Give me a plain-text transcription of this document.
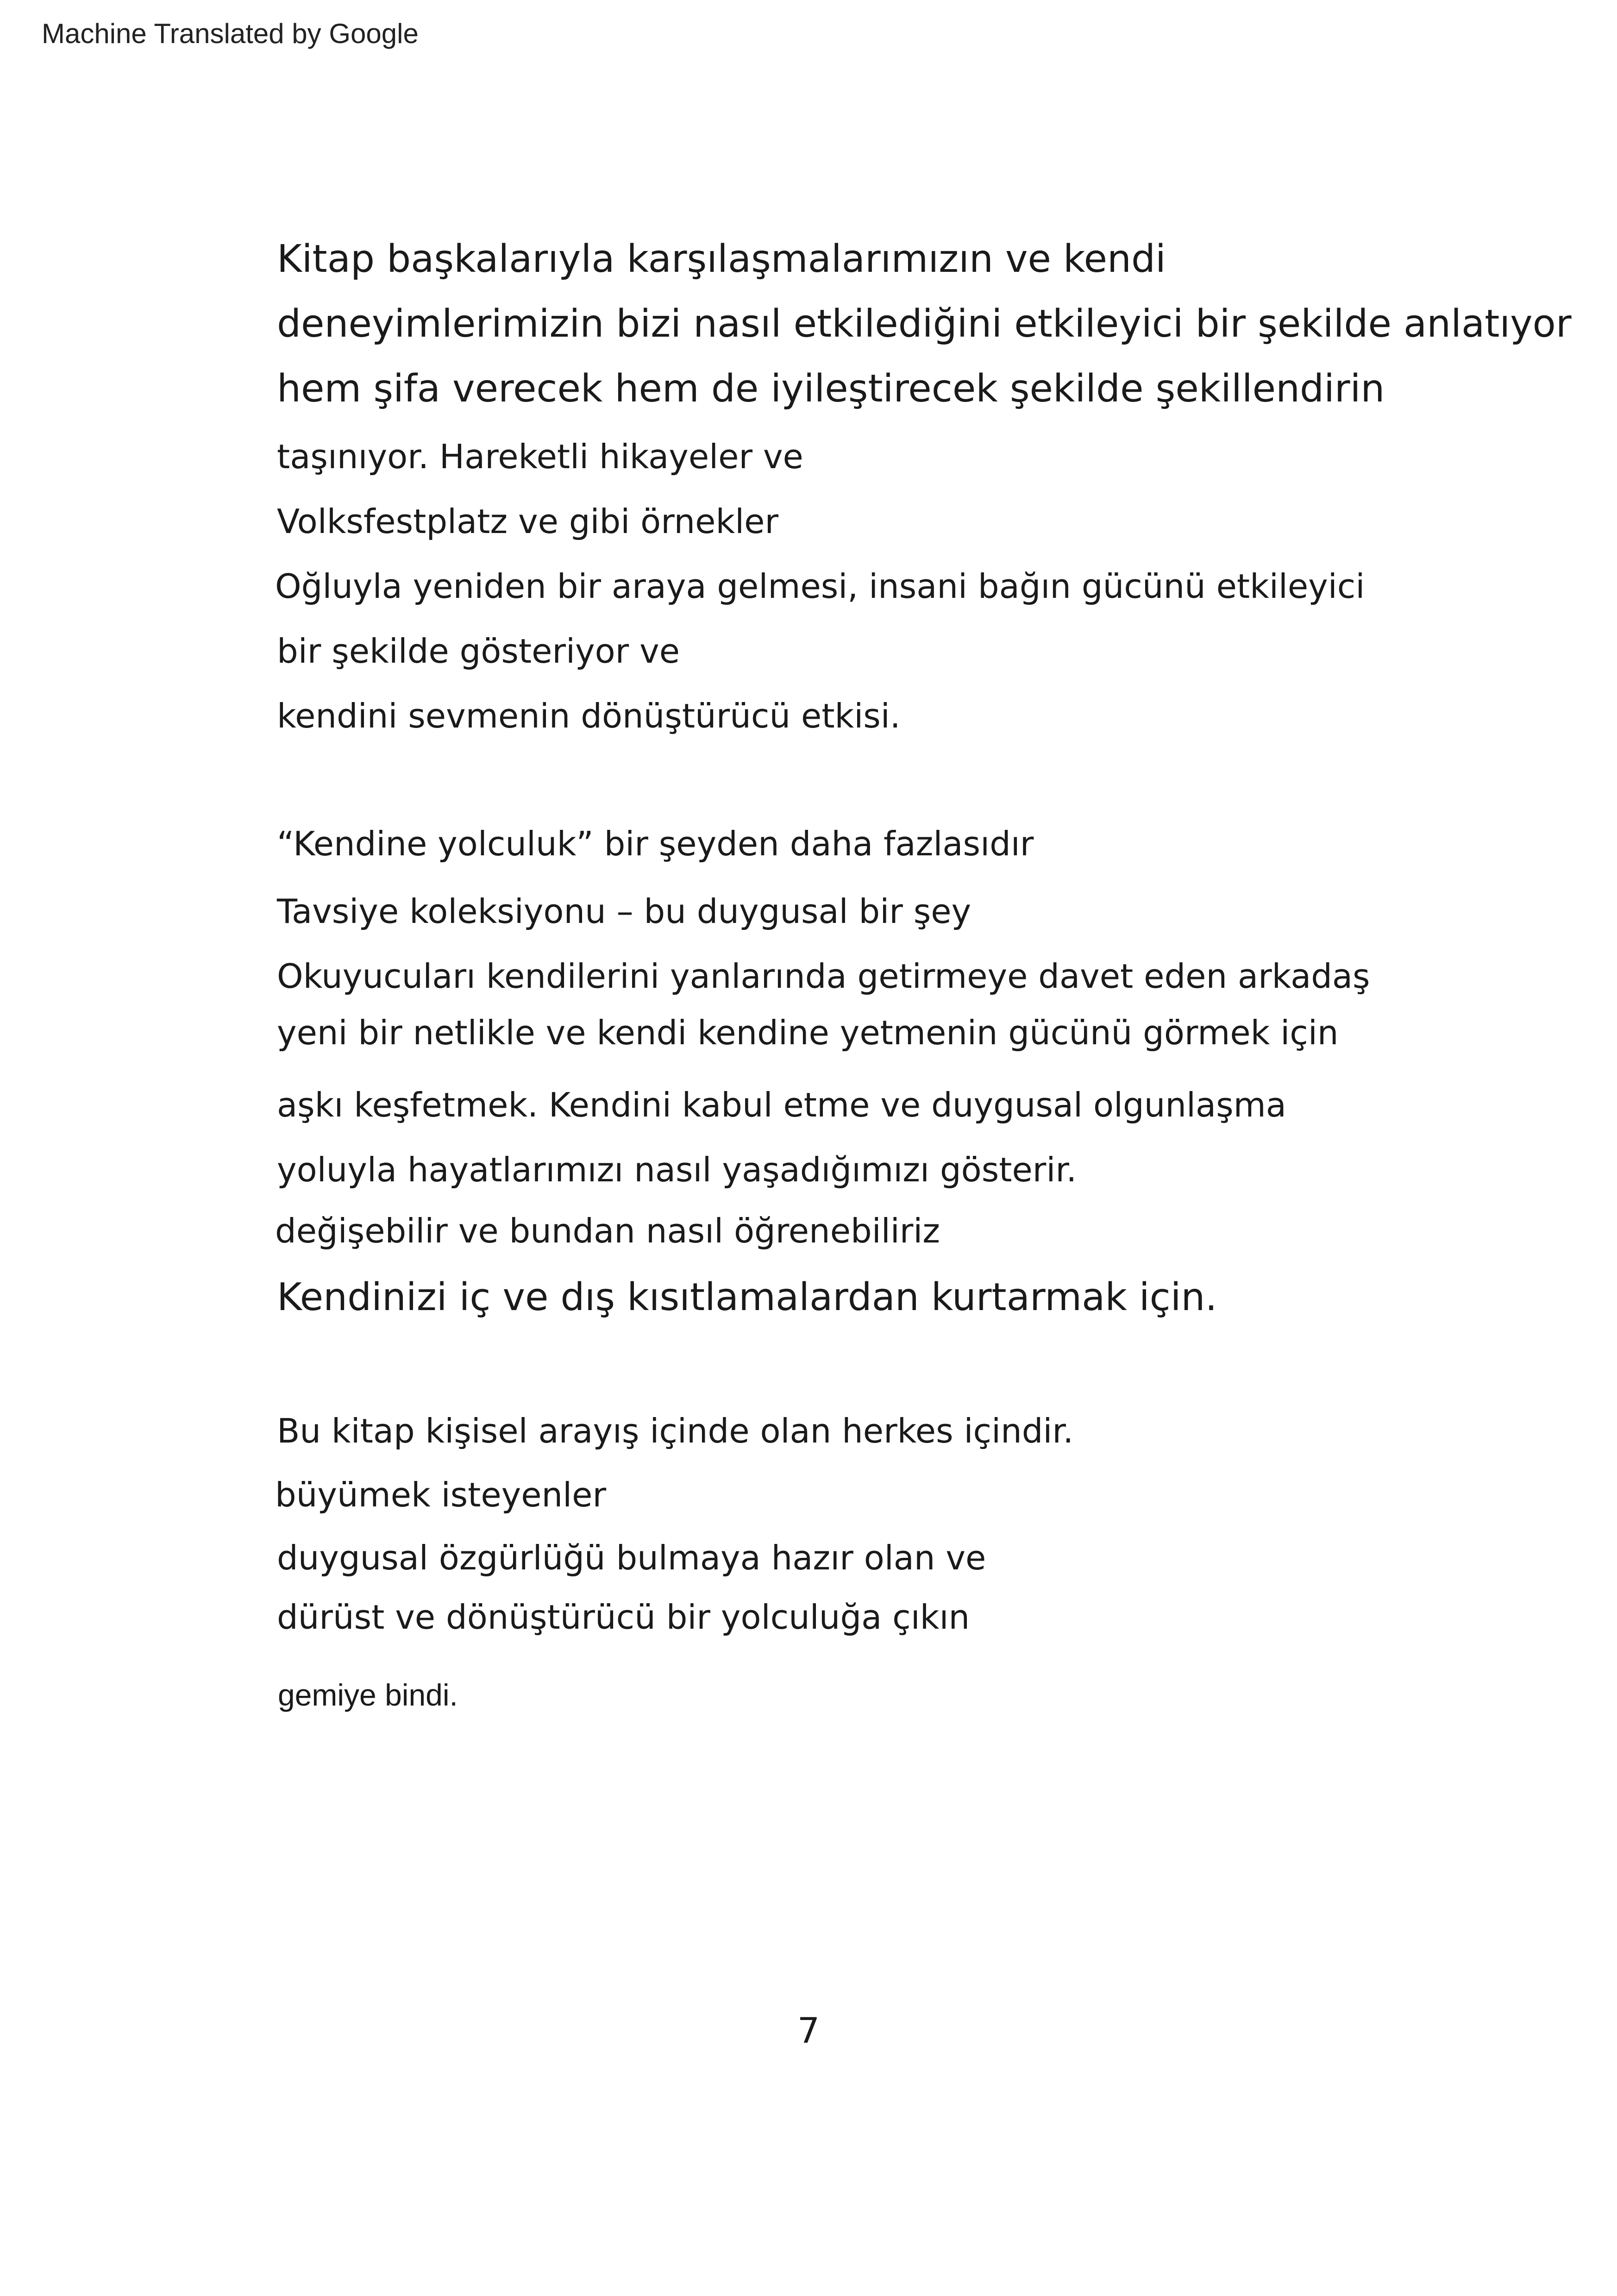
Machine Translated by Google

Kitap başkalarıyla karşılaşmalarımızın ve kendi

deneyimlerimizin bizi nasıl etkilediğini etkileyici bir şekilde anlatıyor

hem şifa verecek hem de iyileştirecek şekilde şekillendirin

taşınıyor. Hareketli hikayeler ve

Volksfestplatz ve gibi örnekler

Oğluyla yeniden bir araya gelmesi, insani bağın gücünü etkileyici

bir şekilde gösteriyor ve

kendini sevmenin dönüştürücü etkisi.

“Kendine yolculuk” bir şeyden daha fazlasıdır

Tavsiye koleksiyonu – bu duygusal bir şey

Okuyucuları kendilerini yanlarında getirmeye davet eden arkadaş

yeni bir netlikle ve kendi kendine yetmenin gücünü görmek için

aşkı keşfetmek. Kendini kabul etme ve duygusal olgunlaşma

yoluyla hayatlarımızı nasıl yaşadığımızı gösterir.

değişebilir ve bundan nasıl öğrenebiliriz

Kendinizi iç ve dış kısıtlamalardan kurtarmak için.

Bu kitap kişisel arayış içinde olan herkes içindir.

büyümek isteyenler

duygusal özgürlüğü bulmaya hazır olan ve

dürüst ve dönüştürücü bir yolculuğa çıkın

gemiye bindi.

7
